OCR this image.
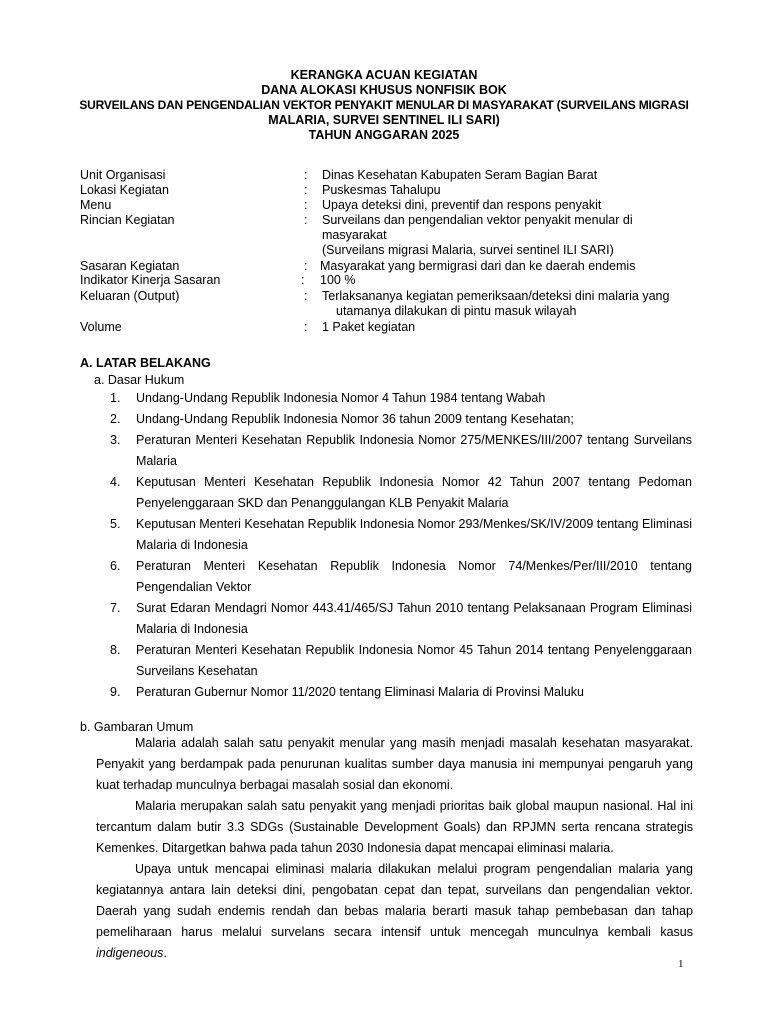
KERANGKA ACUAN KEGIATAN
DANA ALOKASI KHUSUS NONFISIK BOK
SURVEILANS DAN PENGENDALIAN VEKTOR PENYAKIT MENULAR DI MASYARAKAT (SURVEILANS MIGRASI
MALARIA, SURVEI SENTINEL ILI SARI)
TAHUN ANGGARAN 2025
Unit Organisasi	: Dinas Kesehatan Kabupaten Seram Bagian Barat
Lokasi Kegiatan	: Puskesmas Tahalupu
Menu	: Upaya deteksi dini, preventif dan respons penyakit
Rincian Kegiatan	: Surveilans dan pengendalian vektor penyakit menular di masyarakat
(Surveilans migrasi Malaria, survei sentinel ILI SARI)
Sasaran Kegiatan	: Masyarakat yang bermigrasi dari dan ke daerah endemis
Indikator Kinerja Sasaran	: 100 %
Keluaran (Output)	: Terlaksananya kegiatan pemeriksaan/deteksi dini malaria yang
utamanya dilakukan di pintu masuk wilayah
Volume	: 1 Paket kegiatan
A. LATAR BELAKANG
a. Dasar Hukum
1. Undang-Undang Republik Indonesia Nomor 4 Tahun 1984 tentang Wabah
2. Undang-Undang Republik Indonesia Nomor 36 tahun 2009 tentang Kesehatan;
3. Peraturan Menteri Kesehatan Republik Indonesia Nomor 275/MENKES/III/2007 tentang Surveilans Malaria
4. Keputusan Menteri Kesehatan Republik Indonesia Nomor 42 Tahun 2007 tentang Pedoman Penyelenggaraan SKD dan Penanggulangan KLB Penyakit Malaria
5. Keputusan Menteri Kesehatan Republik Indonesia Nomor 293/Menkes/SK/IV/2009 tentang Eliminasi Malaria di Indonesia
6. Peraturan Menteri Kesehatan Republik Indonesia Nomor 74/Menkes/Per/III/2010 tentang Pengendalian Vektor
7. Surat Edaran Mendagri Nomor 443.41/465/SJ Tahun 2010 tentang Pelaksanaan Program Eliminasi Malaria di Indonesia
8. Peraturan Menteri Kesehatan Republik Indonesia Nomor 45 Tahun 2014 tentang Penyelenggaraan Surveilans Kesehatan
9. Peraturan Gubernur Nomor 11/2020 tentang Eliminasi Malaria di Provinsi Maluku
b. Gambaran Umum

Malaria adalah salah satu penyakit menular yang masih menjadi masalah kesehatan masyarakat. Penyakit yang berdampak pada penurunan kualitas sumber daya manusia ini mempunyai pengaruh yang kuat terhadap munculnya berbagai masalah sosial dan ekonomi.

Malaria merupakan salah satu penyakit yang menjadi prioritas baik global maupun nasional. Hal ini tercantum dalam butir 3.3 SDGs (Sustainable Development Goals) dan RPJMN serta rencana strategis Kemenkes. Ditargetkan bahwa pada tahun 2030 Indonesia dapat mencapai eliminasi malaria.

Upaya untuk mencapai eliminasi malaria dilakukan melalui program pengendalian malaria yang kegiatannya antara lain deteksi dini, pengobatan cepat dan tepat, surveilans dan pengendalian vektor. Daerah yang sudah endemis rendah dan bebas malaria berarti masuk tahap pembebasan dan tahap pemeliharaan harus melalui survelans secara intensif untuk mencegah munculnya kembali kasus indigeneous.

1
